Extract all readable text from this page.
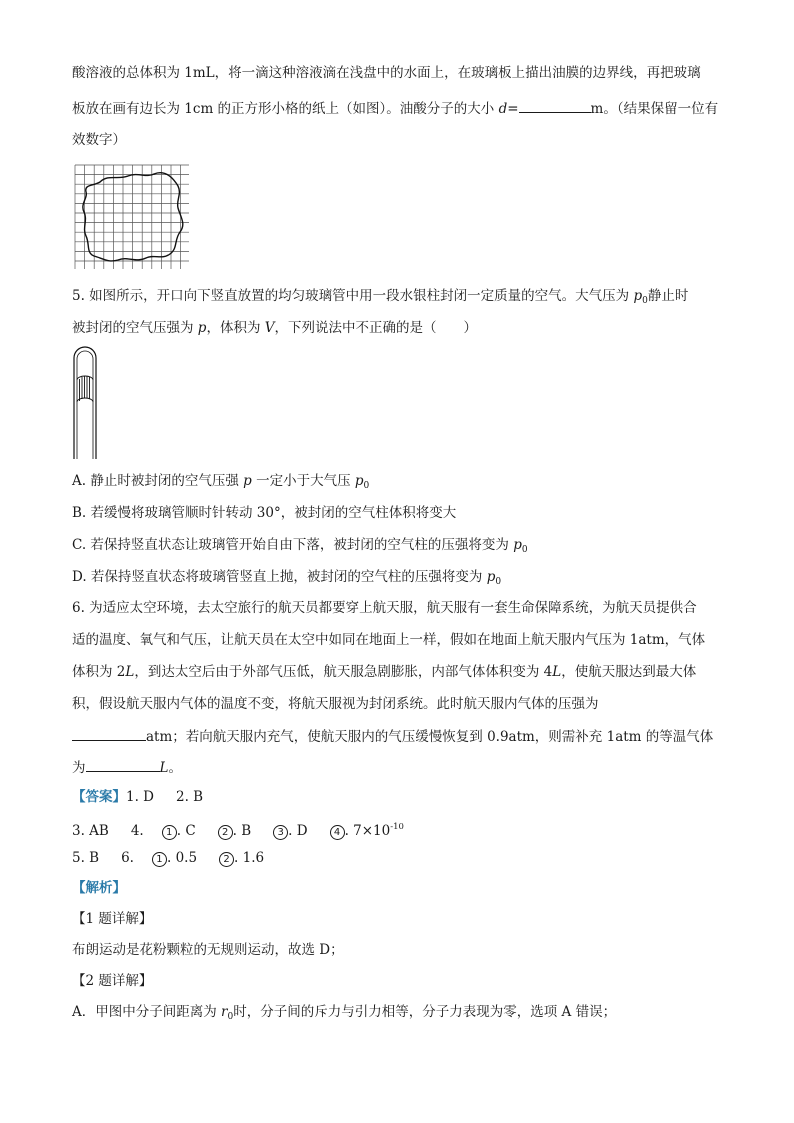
酸溶液的总体积为 1mL，将一滴这种溶液滴在浅盘中的水面上，在玻璃板上描出油膜的边界线，再把玻璃
板放在画有边长为 1cm 的正方形小格的纸上（如图）。油酸分子的大小 d=	m。（结果保留一位有
效数字）
5. 如图所示，开口向下竖直放置的均匀玻璃管中用一段水银柱封闭一定质量的空气。大气压为 $p_0$静止时
被封闭的空气压强为 p，体积为 V，下列说法中不正确的是（　　）
A. 静止时被封闭的空气压强 p 一定小于大气压 $p_0$
B. 若缓慢将玻璃管顺时针转动 30°，被封闭的空气柱体积将变大
C. 若保持竖直状态让玻璃管开始自由下落，被封闭的空气柱的压强将变为 $p_0$
D. 若保持竖直状态将玻璃管竖直上抛，被封闭的空气柱的压强将变为 $p_0$
6. 为适应太空环境，去太空旅行的航天员都要穿上航天服，航天服有一套生命保障系统，为航天员提供合
适的温度、氧气和气压，让航天员在太空中如同在地面上一样，假如在地面上航天服内气压为 1atm，气体
体积为 2L，到达太空后由于外部气压低，航天服急剧膨胀，内部气体体积变为 4L，使航天服达到最大体
积，假设航天服内气体的温度不变，将航天服视为封闭系统。此时航天服内气体的压强为
atm；若向航天服内充气，使航天服内的气压缓慢恢复到 0.9atm，则需补充 1atm 的等温气体
为	L。
【答案】1. D 2. B
3. AB 4. 1 . C	2 . B	3 . D	4 . $7\times 10^{-10}$
5. B 6. 1 . 0.5	2 . 1.6
【解析】
【1 题详解】
布朗运动是花粉颗粒的无规则运动，故选 D；
【2 题详解】
A．甲图中分子间距离为 $r_0$时，分子间的斥力与引力相等，分子力表现为零，选项 A 错误；
